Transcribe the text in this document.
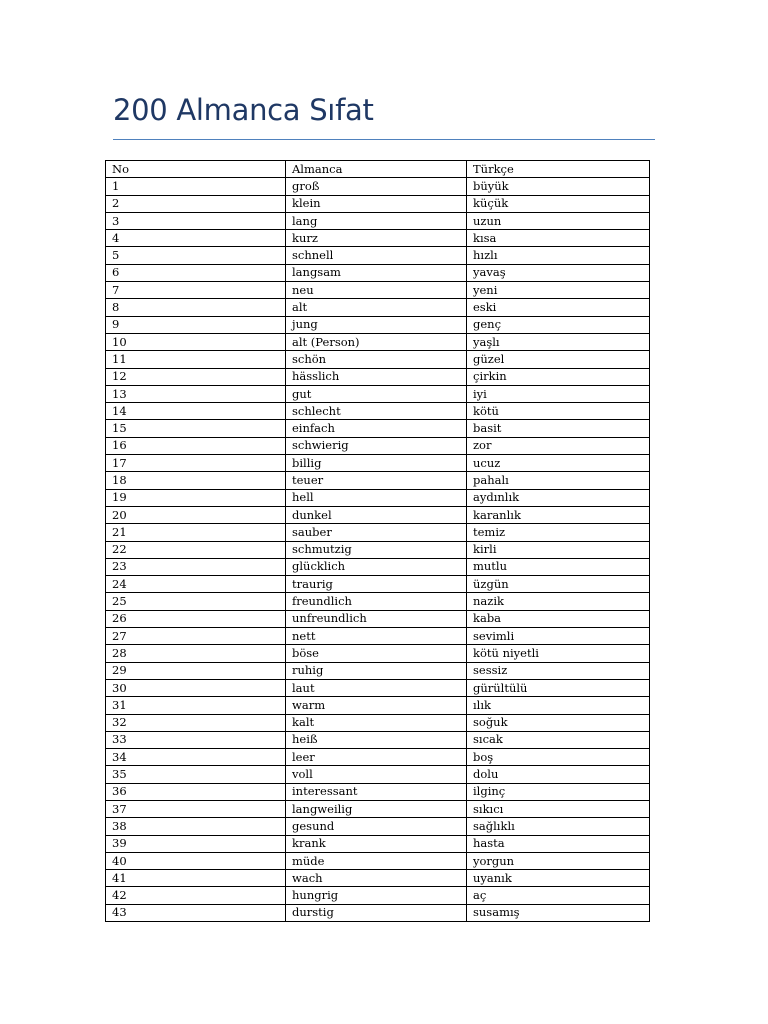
200 Almanca Sıfat
No	Almanca	Türkçe
1	groß	büyük
2	klein	küçük
3	lang	uzun
4	kurz	kısa
5	schnell	hızlı
6	langsam	yavaş
7	neu	yeni
8	alt	eski
9	jung	genç
10	alt (Person)	yaşlı
11	schön	güzel
12	hässlich	çirkin
13	gut	iyi
14	schlecht	kötü
15	einfach	basit
16	schwierig	zor
17	billig	ucuz
18	teuer	pahalı
19	hell	aydınlık
20	dunkel	karanlık
21	sauber	temiz
22	schmutzig	kirli
23	glücklich	mutlu
24	traurig	üzgün
25	freundlich	nazik
26	unfreundlich	kaba
27	nett	sevimli
28	böse	kötü niyetli
29	ruhig	sessiz
30	laut	gürültülü
31	warm	ılık
32	kalt	soğuk
33	heiß	sıcak
34	leer	boş
35	voll	dolu
36	interessant	ilginç
37	langweilig	sıkıcı
38	gesund	sağlıklı
39	krank	hasta
40	müde	yorgun
41	wach	uyanık
42	hungrig	aç
43	durstig	susamış
